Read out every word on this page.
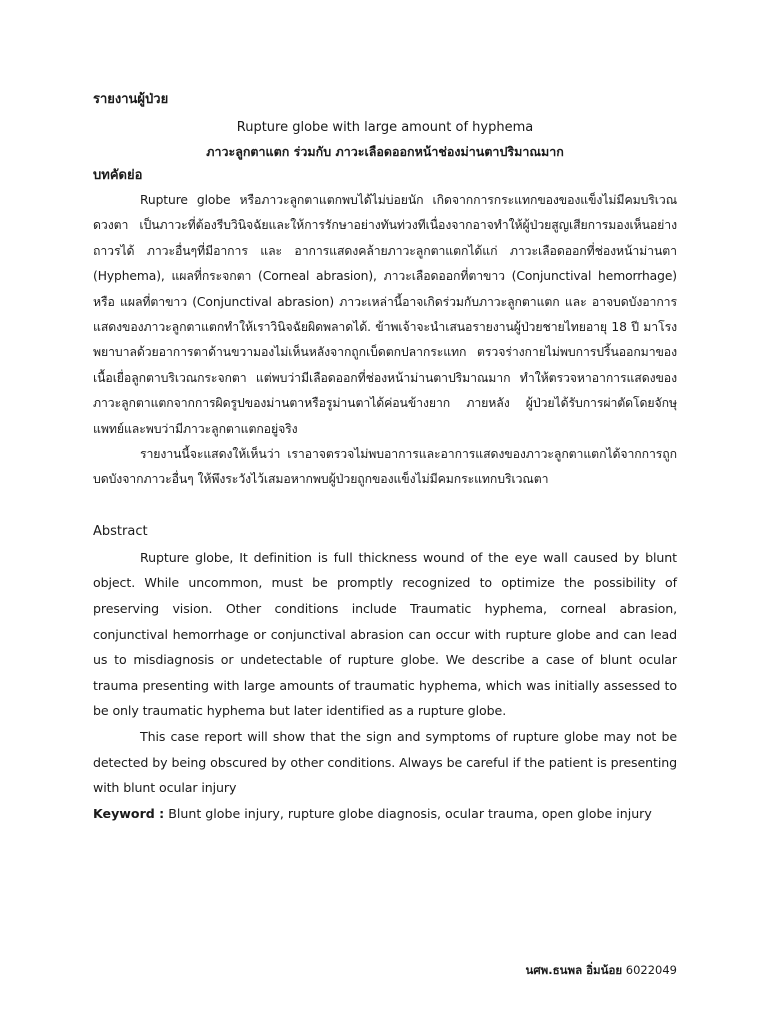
รายงานผู้ป่วย

Rupture globe with large amount of hyphema

ภาวะลูกตาแตก ร่วมกับ ภาวะเลือดออกหน้าช่องม่านตาปริมาณมาก

บทคัดย่อ

Rupture globe หรือภาวะลูกตาแตกพบได้ไม่บ่อยนัก เกิดจากการกระแทกของของแข็งไม่มีคมบริเวณดวงตา เป็นภาวะที่ต้องรีบวินิจฉัยและให้การรักษาอย่างทันท่วงทีเนื่องจากอาจทำให้ผู้ป่วยสูญเสียการมองเห็นอย่างถาวรได้ ภาวะอื่นๆที่มีอาการ และ อาการแสดงคล้ายภาวะลูกตาแตกได้แก่ ภาวะเลือดออกที่ช่องหน้าม่านตา (Hyphema), แผลที่กระจกตา (Corneal abrasion), ภาวะเลือดออกที่ตาขาว (Conjunctival hemorrhage) หรือ แผลที่ตาขาว (Conjunctival abrasion) ภาวะเหล่านี้อาจเกิดร่วมกับภาวะลูกตาแตก และ อาจบดบังอาการแสดงของภาวะลูกตาแตกทำให้เราวินิจฉัยผิดพลาดได้. ข้าพเจ้าจะนำเสนอรายงานผู้ป่วยชายไทยอายุ 18 ปี มาโรงพยาบาลด้วยอาการตาด้านขวามองไม่เห็นหลังจากถูกเบ็ดตกปลากระแทก ตรวจร่างกายไม่พบการปริ้นออกมาของเนื้อเยื่อลูกตาบริเวณกระจกตา แต่พบว่ามีเลือดออกที่ช่องหน้าม่านตาปริมาณมาก ทำให้ตรวจหาอาการแสดงของภาวะลูกตาแตกจากการผิดรูปของม่านตาหรือรูม่านตาได้ค่อนข้างยาก ภายหลัง ผู้ป่วยได้รับการผ่าตัดโดยจักษุแพทย์และพบว่ามีภาวะลูกตาแตกอยู่จริง

รายงานนี้จะแสดงให้เห็นว่า เราอาจตรวจไม่พบอาการและอาการแสดงของภาวะลูกตาแตกได้จากการถูกบดบังจากภาวะอื่นๆ ให้พึงระวังไว้เสมอหากพบผู้ป่วยถูกของแข็งไม่มีคมกระแทกบริเวณตา

Abstract

Rupture globe, It definition is full thickness wound of the eye wall caused by blunt object. While uncommon, must be promptly recognized to optimize the possibility of preserving vision. Other conditions include Traumatic hyphema, corneal abrasion, conjunctival hemorrhage or conjunctival abrasion can occur with rupture globe and can lead us to misdiagnosis or undetectable of rupture globe. We describe a case of blunt ocular trauma presenting with large amounts of traumatic hyphema, which was initially assessed to be only traumatic hyphema but later identified as a rupture globe.

This case report will show that the sign and symptoms of rupture globe may not be detected by being obscured by other conditions. Always be careful if the patient is presenting with blunt ocular injury

Keyword : Blunt globe injury, rupture globe diagnosis, ocular trauma, open globe injury

นศพ.ธนพล อิ่มน้อย 6022049
